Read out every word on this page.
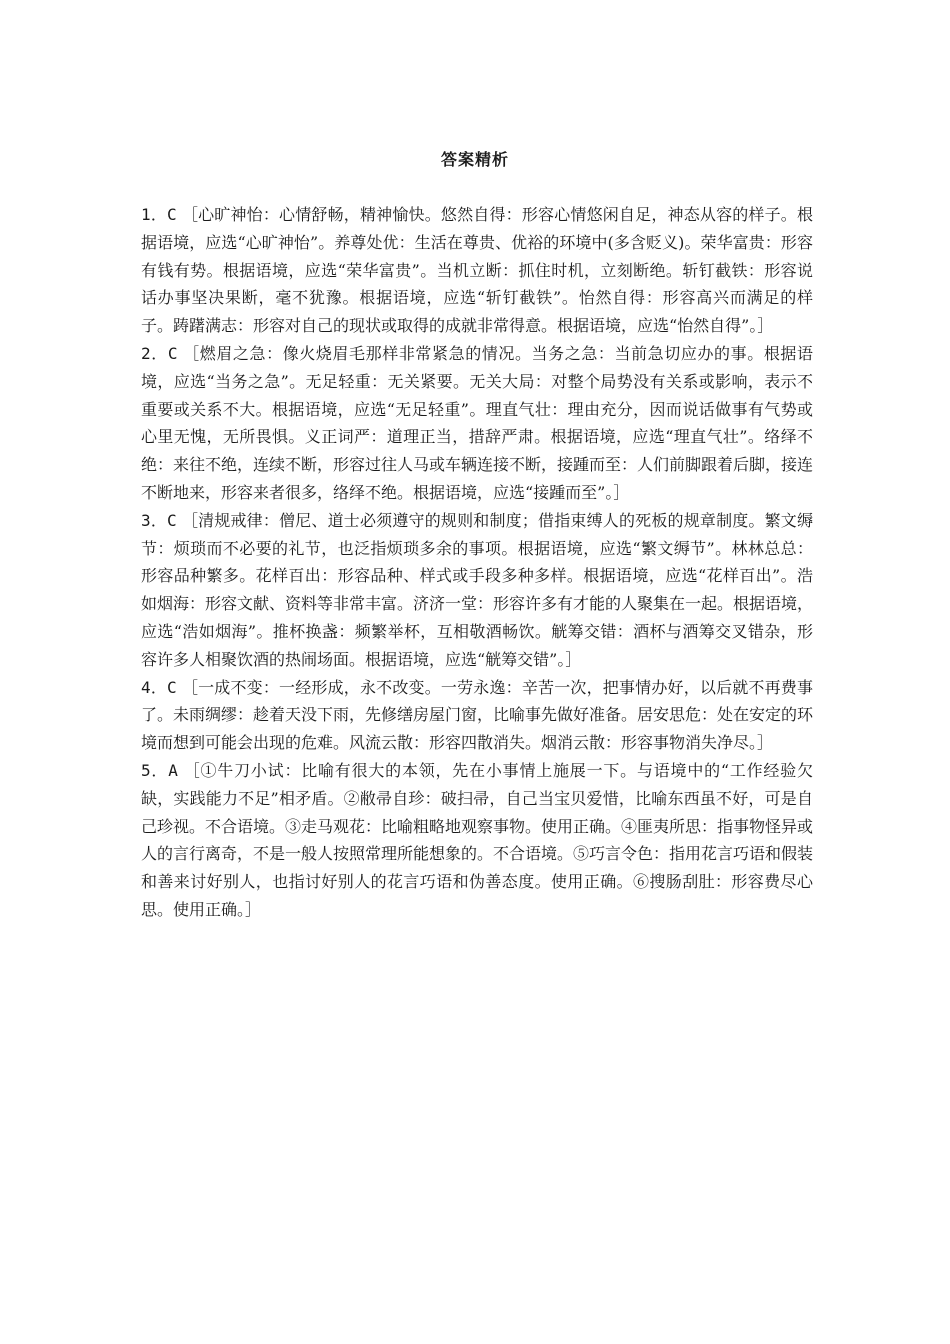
答案精析

1．C ［心旷神怡：心情舒畅，精神愉快。悠然自得：形容心情悠闲自足，神态从容的样子。根据语境，应选“心旷神怡”。养尊处优：生活在尊贵、优裕的环境中(多含贬义)。荣华富贵：形容有钱有势。根据语境，应选“荣华富贵”。当机立断：抓住时机，立刻断绝。斩钉截铁：形容说话办事坚决果断，毫不犹豫。根据语境，应选“斩钉截铁”。怡然自得：形容高兴而满足的样子。踌躇满志：形容对自己的现状或取得的成就非常得意。根据语境，应选“怡然自得”。］

2．C ［燃眉之急：像火烧眉毛那样非常紧急的情况。当务之急：当前急切应办的事。根据语境，应选“当务之急”。无足轻重：无关紧要。无关大局：对整个局势没有关系或影响，表示不重要或关系不大。根据语境，应选“无足轻重”。理直气壮：理由充分，因而说话做事有气势或心里无愧，无所畏惧。义正词严：道理正当，措辞严肃。根据语境，应选“理直气壮”。络绎不绝：来往不绝，连续不断，形容过往人马或车辆连接不断，接踵而至：人们前脚跟着后脚，接连不断地来，形容来者很多，络绎不绝。根据语境，应选“接踵而至”。］

3．C ［清规戒律：僧尼、道士必须遵守的规则和制度；借指束缚人的死板的规章制度。繁文缛节：烦琐而不必要的礼节，也泛指烦琐多余的事项。根据语境，应选“繁文缛节”。林林总总：形容品种繁多。花样百出：形容品种、样式或手段多种多样。根据语境，应选“花样百出”。浩如烟海：形容文献、资料等非常丰富。济济一堂：形容许多有才能的人聚集在一起。根据语境，应选“浩如烟海”。推杯换盏：频繁举杯，互相敬酒畅饮。觥筹交错：酒杯与酒筹交叉错杂，形容许多人相聚饮酒的热闹场面。根据语境，应选“觥筹交错”。］

4．C ［一成不变：一经形成，永不改变。一劳永逸：辛苦一次，把事情办好，以后就不再费事了。未雨绸缪：趁着天没下雨，先修缮房屋门窗，比喻事先做好准备。居安思危：处在安定的环境而想到可能会出现的危难。风流云散：形容四散消失。烟消云散：形容事物消失净尽。］

5．A ［①牛刀小试：比喻有很大的本领，先在小事情上施展一下。与语境中的“工作经验欠缺，实践能力不足”相矛盾。②敝帚自珍：破扫帚，自己当宝贝爱惜，比喻东西虽不好，可是自己珍视。不合语境。③走马观花：比喻粗略地观察事物。使用正确。④匪夷所思：指事物怪异或人的言行离奇，不是一般人按照常理所能想象的。不合语境。⑤巧言令色：指用花言巧语和假装和善来讨好别人，也指讨好别人的花言巧语和伪善态度。使用正确。⑥搜肠刮肚：形容费尽心思。使用正确。］
